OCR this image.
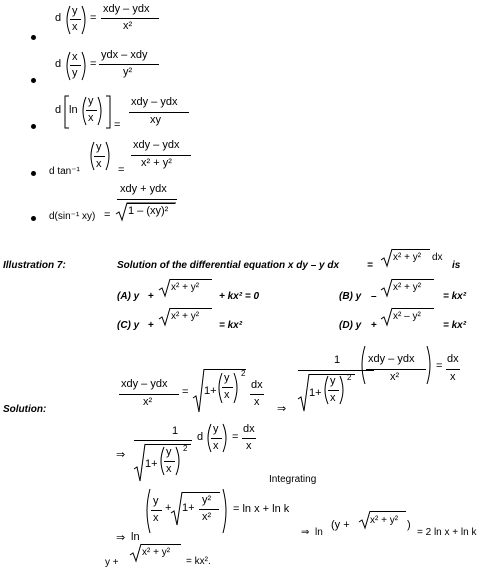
d
y
x
=
xdy – ydx
x²
d
x
y
=
ydx – xdy
y²
d ln
y
x
=
xdy – ydx
xy
d tan⁻¹
y
x =
xdy – ydx
x² + y²
d(sin⁻¹ xy) =
xdy + ydx
1 – (xy)²
Illustration 7:	Solution of the differential equation x dy – y dx	=
x² + y² dx
is
(A) y +
x² + y²
+ kx² = 0	(B) y –
x² + y²
= kx²
(C) y +
x² + y²
= kx²	(D) y +
x² – y²
= kx²
Solution:
xdy – ydx
x²
= 1+
y
x
2
dx
x
⇒
1
1+
y
x
2
xdy – ydx
x²
=
dx
x
⇒
1
1+
y
x
2
d
y
x
=
dx
x
Integrating
⇒ ln
y
x
+ 1+
y²
x²
= ln x + ln k
⇒ ln
(y + x² + y² )
= 2 ln x + ln k
y +
x² + y²
= kx².
